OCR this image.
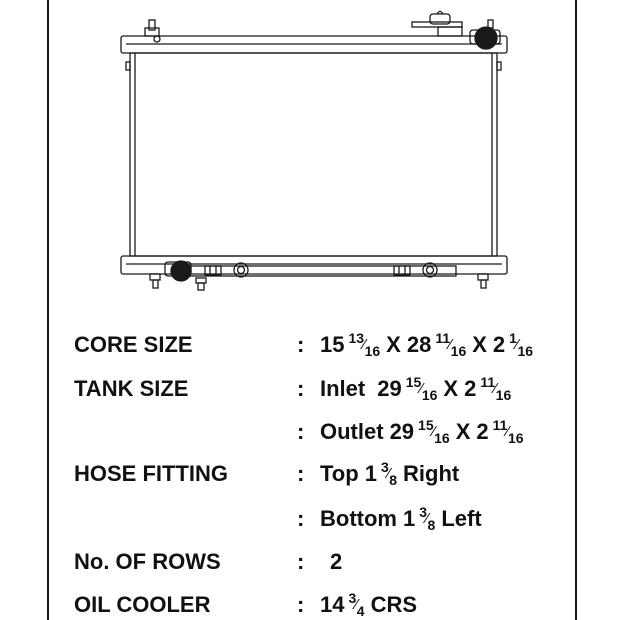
CORE SIZE	: 15 $^{13}$⁄16 X 28 $^{11}$⁄16 X 2 $^1$⁄16
TANK SIZE	: Inlet 29 $^{15}$⁄16 X 2 $^{11}$⁄16
: Outlet 29 $^{15}$⁄16 X 2 $^{11}$⁄16
HOSE FITTING	: Top 1 $^3$⁄8 Right
: Bottom 1 $^3$⁄8 Left
No. OF ROWS	: 2
OIL COOLER	: 14 $^3$⁄4 CRS
